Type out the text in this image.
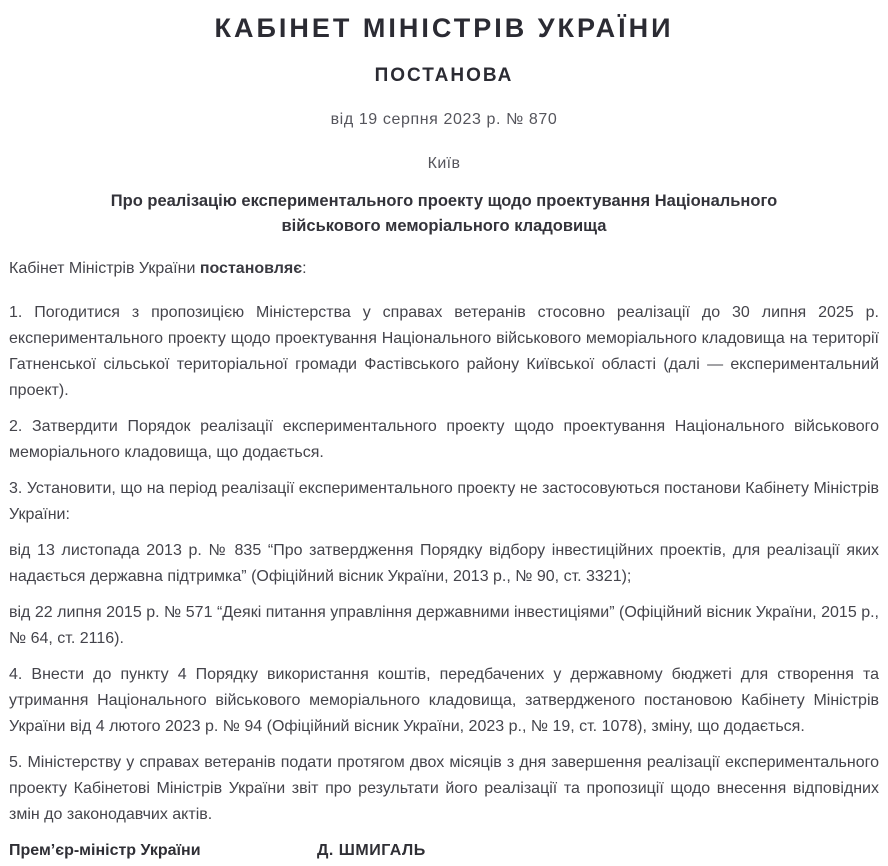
КАБІНЕТ МІНІСТРІВ УКРАЇНИ
ПОСТАНОВА
від 19 серпня 2023 р. № 870
Київ
Про реалізацію експериментального проекту щодо проектування Національного військового меморіального кладовища
Кабінет Міністрів України постановляє:

1. Погодитися з пропозицією Міністерства у справах ветеранів стосовно реалізації до 30 липня 2025 р. експериментального проекту щодо проектування Національного військового меморіального кладовища на території Гатненської сільської територіальної громади Фастівського району Київської області (далі — експериментальний проект).

2. Затвердити Порядок реалізації експериментального проекту щодо проектування Національного військового меморіального кладовища, що додається.

3. Установити, що на період реалізації експериментального проекту не застосовуються постанови Кабінету Міністрів України:

від 13 листопада 2013 р. № 835 “Про затвердження Порядку відбору інвестиційних проектів, для реалізації яких надається державна підтримка” (Офіційний вісник України, 2013 р., № 90, ст. 3321);

від 22 липня 2015 р. № 571 “Деякі питання управління державними інвестиціями” (Офіційний вісник України, 2015 р., № 64, ст. 2116).

4. Внести до пункту 4 Порядку використання коштів, передбачених у державному бюджеті для створення та утримання Національного військового меморіального кладовища, затвердженого постановою Кабінету Міністрів України від 4 лютого 2023 р. № 94 (Офіційний вісник України, 2023 р., № 19, ст. 1078), зміну, що додається.

5. Міністерству у справах ветеранів подати протягом двох місяців з дня завершення реалізації експериментального проекту Кабінетові Міністрів України звіт про результати його реалізації та пропозиції щодо внесення відповідних змін до законодавчих актів.

Прем’єр-міністр України	Д. ШМИГАЛЬ
